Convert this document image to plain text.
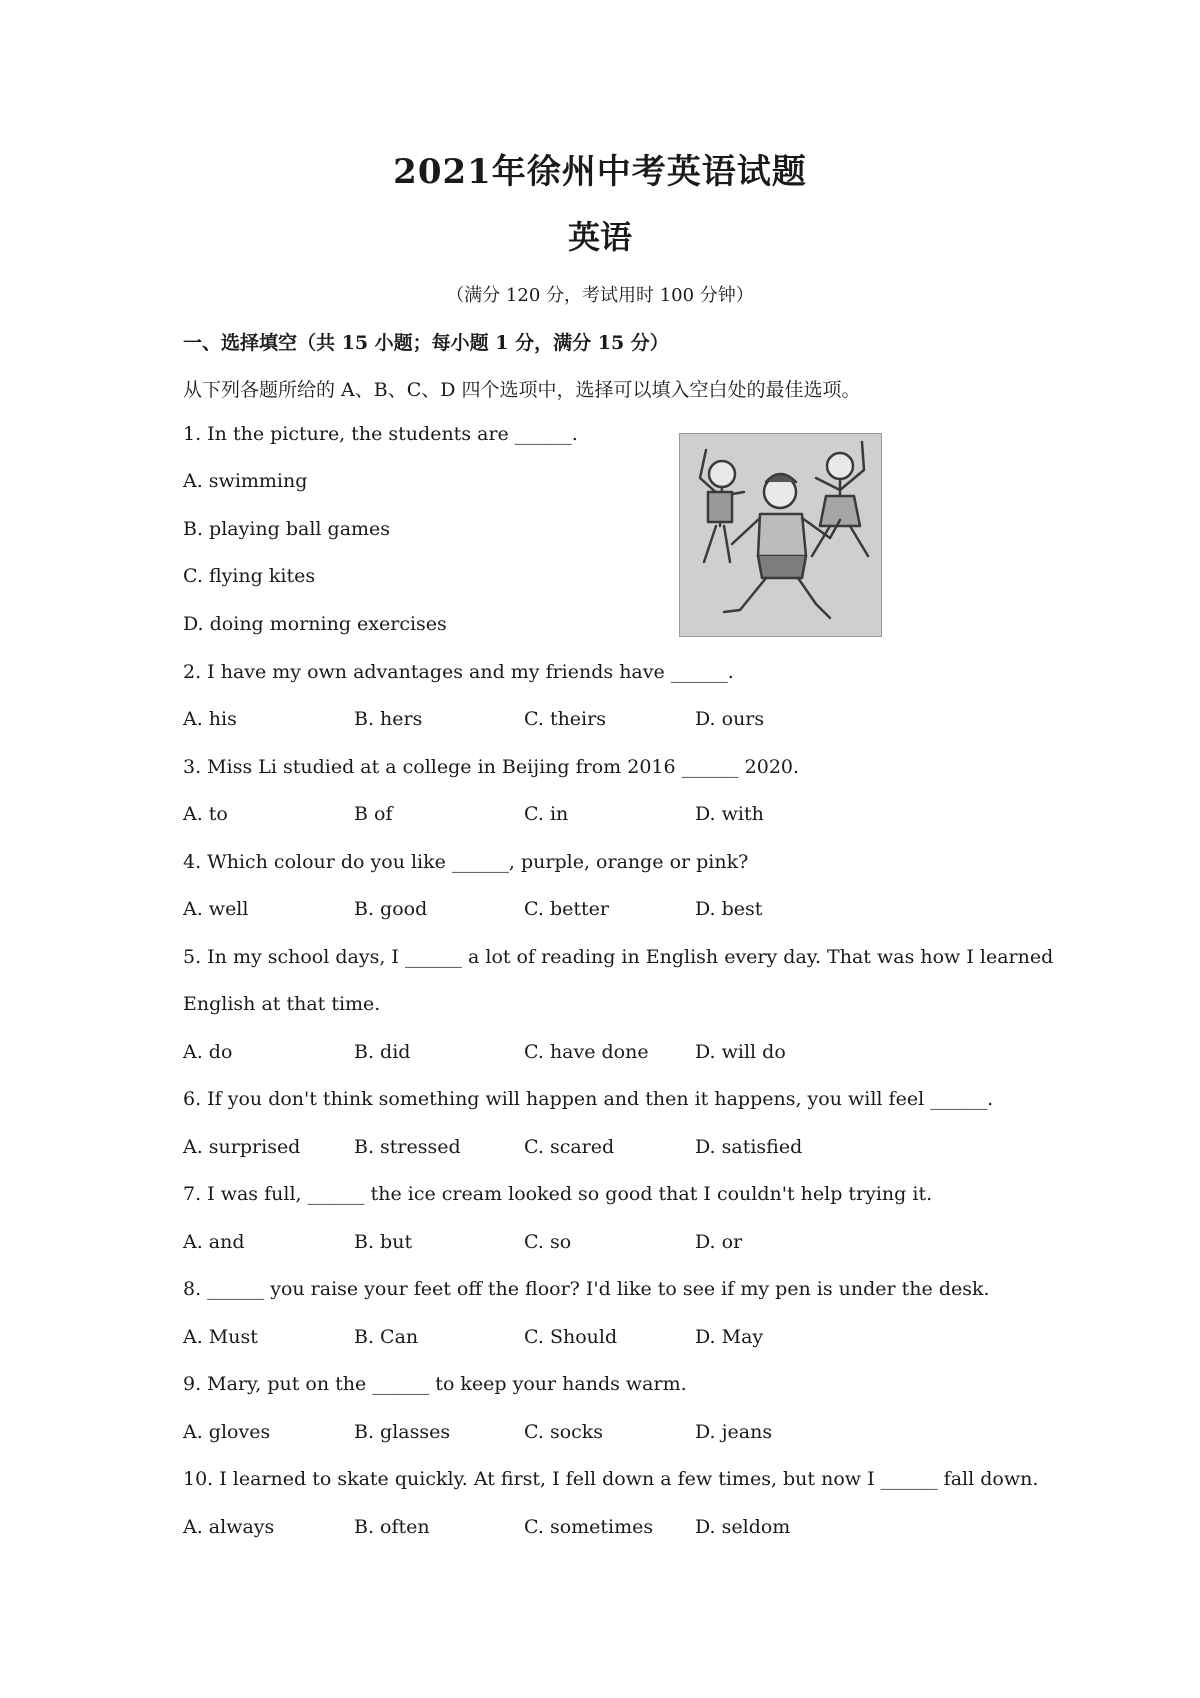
2021年徐州中考英语试题
英语
（满分 120 分，考试用时 100 分钟）
一、选择填空（共 15 小题；每小题 1 分，满分 15 分）
从下列各题所给的 A、B、C、D 四个选项中，选择可以填入空白处的最佳选项。
1. In the picture, the students are ______.
A. swimming
B. playing ball games
C. flying kites
D. doing morning exercises
2. I have my own advantages and my friends have ______.
A. his	B. hers	C. theirs	D. ours
3. Miss Li studied at a college in Beijing from 2016 ______ 2020.
A. to	B of	C. in	D. with
4. Which colour do you like ______, purple, orange or pink?
A. well	B. good	C. better	D. best
5. In my school days, I ______ a lot of reading in English every day. That was how I learned
English at that time.
A. do	B. did	C. have done D. will do
6. If you don't think something will happen and then it happens, you will feel ______.
A. surprised	B. stressed	C. scared	D. satisfied
7. I was full, ______ the ice cream looked so good that I couldn't help trying it.
A. and	B. but	C. so	D. or
8. ______ you raise your feet off the floor? I'd like to see if my pen is under the desk.
A. Must	B. Can	C. Should	D. May
9. Mary, put on the ______ to keep your hands warm.
A. gloves	B. glasses	C. socks	D. jeans
10. I learned to skate quickly. At first, I fell down a few times, but now I ______ fall down.
A. always	B. often	C. sometimes D. seldom
